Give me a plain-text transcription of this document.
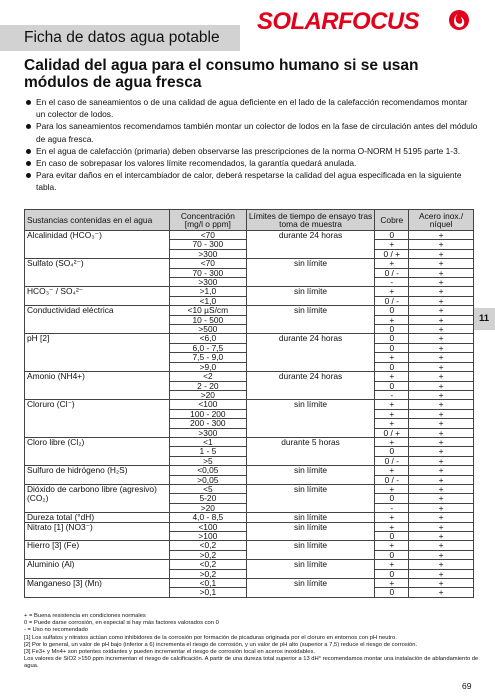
Ficha de datos agua potable
SOLARFOCUS
Calidad del agua para el consumo humano si se usan módulos de agua fresca
En el caso de saneamientos o de una calidad de agua deficiente en el lado de la calefacción recomendamos montar un colector de lodos.
Para los saneamientos recomendamos también montar un colector de lodos en la fase de circulación antes del módulo de agua fresca.
En el agua de calefacción (primaria) deben observarse las prescripciones de la norma O-NORM H 5195 parte 1-3.
En caso de sobrepasar los valores límite recomendados, la garantía quedará anulada.
Para evitar daños en el intercambiador de calor, deberá respetarse la calidad del agua especificada en la siguiente tabla.
11
Sustancias contenidas en el agua	Concentración [mg/l o ppm]	Límites de tiempo de ensayo tras toma de muestra	Cobre	Acero inox./ níquel
Alcalinidad (HCO₃⁻)	<70	durante 24 horas	0	+
	70 - 300		+	+
	>300		0 / +	+
Sulfato (SO₄²⁻)	<70	sin límite	+	+
	70 - 300		0 / -	+
	>300		-	+
HCO₃⁻ / SO₄²⁻	>1,0	sin límite	+	+
	<1,0		0 / -	+
Conductividad eléctrica	<10 µS/cm	sin límite	0	+
	10 - 500		+	+
	>500		0	+
pH [2]	<6,0	durante 24 horas	0	+
	6,0 - 7,5		0	+
	7,5 - 9,0		+	+
	>9,0		0	+
Amonio (NH4+)	<2	durante 24 horas	+	+
	2 - 20		0	+
	>20		-	+
Cloruro (Cl⁻)	<100	sin límite	+	+
	100 - 200		+	+
	200 - 300		+	+
	>300		0 / +	+
Cloro libre (Cl₂)	<1	durante 5 horas	+	+
	1 - 5		0	+
	>5		0 / -	+
Sulfuro de hidrógeno (H₂S)	<0,05	sin límite	+	+
	>0,05		0 / -	+
Dióxido de carbono libre (agresivo)	<5	sin límite	+	+
(CO₂)	5-20		0	+
	>20		-	+
Dureza total (°dH)	4,0 - 8,5	sin límite	+	+
Nitrato [1] (NO3⁻)	<100	sin límite	+	+
	>100		0	+
Hierro [3] (Fe)	<0,2	sin límite	+	+
	>0,2		0	+
Aluminio (Al)	<0,2	sin límite	+	+
	>0,2		0	+
Manganeso [3] (Mn)	<0,1	sin límite	+	+
	>0,1		0	+
+ = Buena resistencia en condiciones normales
0 = Puede darse corrosión, en especial si hay más factores valorados con 0
- = Uso no recomendado
[1] Los sulfatos y nitratos actúan como inhibidores de la corrosión por formación de picaduras originada por el cloruro en entornos con pH neutro.
[2] Por lo general, un valor de pH bajo (inferior a 6) incrementa el riesgo de corrosión, y un valor de pH alto (superior a 7,5) reduce el riesgo de corrosión.
[3] Fe3+ y Mn4+ son potentes oxidantes y pueden incrementar el riesgo de corrosión local en aceros inoxidables.
Los valores de SiO2 >150 ppm incrementan el riesgo de calcificación. A partir de una dureza total superior a 13 dH° recomendamos montar una instalación de ablandamiento de agua.
69
